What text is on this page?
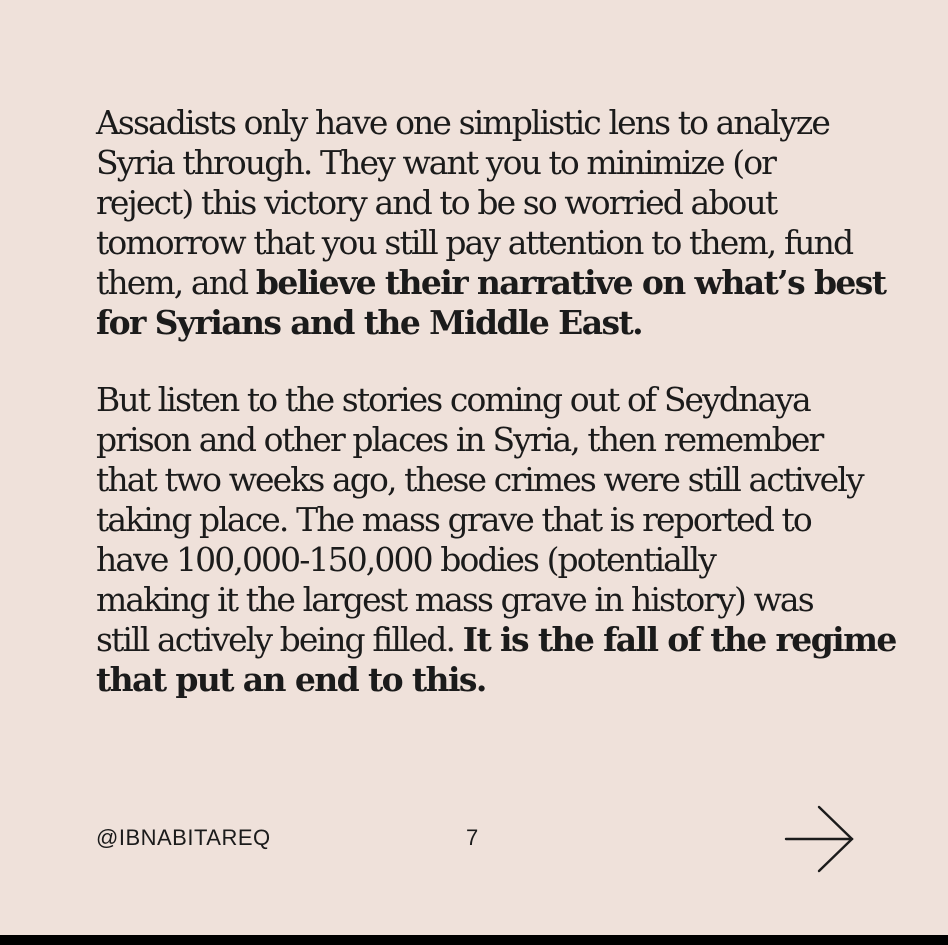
Assadists only have one simplistic lens to analyze
Syria through. They want you to minimize (or
reject) this victory and to be so worried about
tomorrow that you still pay attention to them, fund
them, and believe their narrative on what’s best
for Syrians and the Middle East.

But listen to the stories coming out of Seydnaya
prison and other places in Syria, then remember
that two weeks ago, these crimes were still actively
taking place. The mass grave that is reported to
have 100,000-150,000 bodies (potentially
making it the largest mass grave in history) was
still actively being filled. It is the fall of the regime
that put an end to this.

@IBNABITAREQ	7
